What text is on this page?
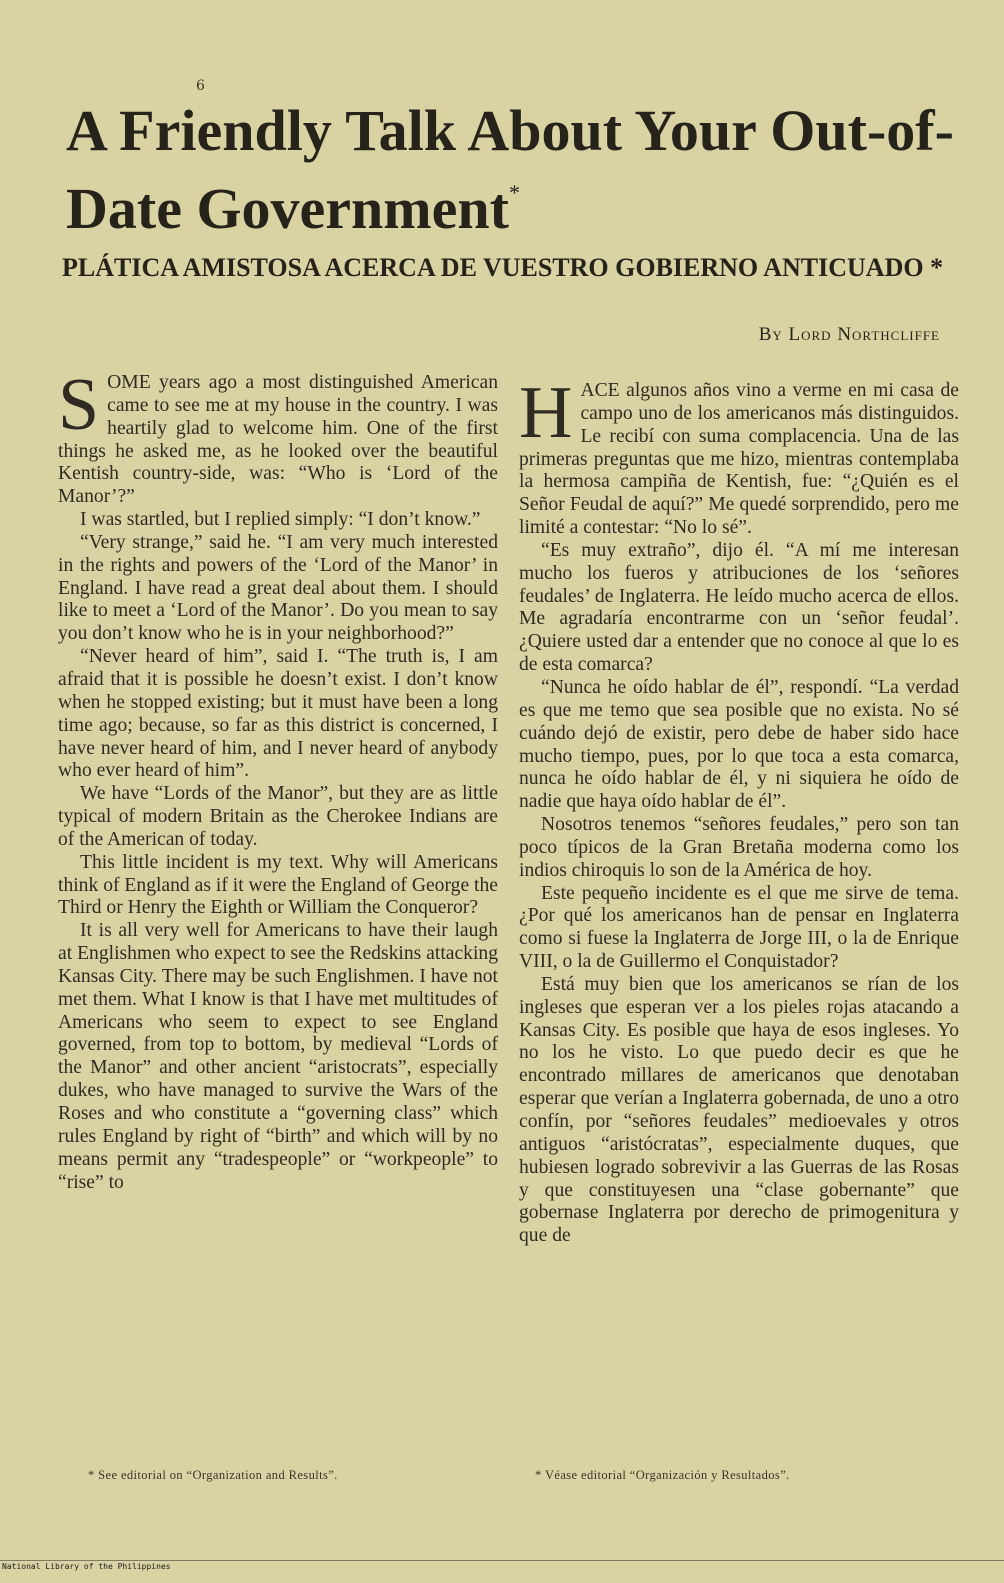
6
A Friendly Talk About Your Out-of-Date Government*
PLÁTICA AMISTOSA ACERCA DE VUESTRO GOBIERNO ANTICUADO *
By Lord Northcliffe

SOME years ago a most distinguished American came to see me at my house in the country. I was heartily glad to welcome him. One of the first things he asked me, as he looked over the beautiful Kentish country-side, was: “Who is ‘Lord of the Manor’?”

I was startled, but I replied simply: “I don’t know.”

“Very strange,” said he. “I am very much interested in the rights and powers of the ‘Lord of the Manor’ in England. I have read a great deal about them. I should like to meet a ‘Lord of the Manor’. Do you mean to say you don’t know who he is in your neighborhood?”

“Never heard of him”, said I. “The truth is, I am afraid that it is possible he doesn’t exist. I don’t know when he stopped existing; but it must have been a long time ago; because, so far as this district is concerned, I have never heard of him, and I never heard of anybody who ever heard of him”.

We have “Lords of the Manor”, but they are as little typical of modern Britain as the Cherokee Indians are of the American of today.

This little incident is my text. Why will Americans think of England as if it were the England of George the Third or Henry the Eighth or William the Conqueror?

It is all very well for Americans to have their laugh at Englishmen who expect to see the Redskins attacking Kansas City. There may be such Englishmen. I have not met them. What I know is that I have met multitudes of Americans who seem to expect to see England governed, from top to bottom, by medieval “Lords of the Manor” and other ancient “aristocrats”, especially dukes, who have managed to survive the Wars of the Roses and who constitute a “governing class” which rules England by right of “birth” and which will by no means permit any “tradespeople” or “workpeople” to “rise” to

HACE algunos años vino a verme en mi casa de campo uno de los americanos más distinguidos. Le recibí con suma complacencia. Una de las primeras preguntas que me hizo, mientras contemplaba la hermosa campiña de Kentish, fue: “¿Quién es el Señor Feudal de aquí?” Me quedé sorprendido, pero me limité a contestar: “No lo sé”.

“Es muy extraño”, dijo él. “A mí me interesan mucho los fueros y atribuciones de los ‘señores feudales’ de Inglaterra. He leído mucho acerca de ellos. Me agradaría encontrarme con un ‘señor feudal’. ¿Quiere usted dar a entender que no conoce al que lo es de esta comarca?

“Nunca he oído hablar de él”, respondí. “La verdad es que me temo que sea posible que no exista. No sé cuándo dejó de existir, pero debe de haber sido hace mucho tiempo, pues, por lo que toca a esta comarca, nunca he oído hablar de él, y ni siquiera he oído de nadie que haya oído hablar de él”.

Nosotros tenemos “señores feudales,” pero son tan poco típicos de la Gran Bretaña moderna como los indios chiroquis lo son de la América de hoy.

Este pequeño incidente es el que me sirve de tema. ¿Por qué los americanos han de pensar en Inglaterra como si fuese la Inglaterra de Jorge III, o la de Enrique VIII, o la de Guillermo el Conquistador?

Está muy bien que los americanos se rían de los ingleses que esperan ver a los pieles rojas atacando a Kansas City. Es posible que haya de esos ingleses. Yo no los he visto. Lo que puedo decir es que he encontrado millares de americanos que denotaban esperar que verían a Inglaterra gobernada, de uno a otro confín, por “señores feudales” medioevales y otros antiguos “aristócratas”, especialmente duques, que hubiesen logrado sobrevivir a las Guerras de las Rosas y que constituyesen una “clase gobernante” que gobernase Inglaterra por derecho de primogenitura y que de

* See editorial on “Organization and Results”.	* Véase editorial “Organización y Resultados”.
National Library of the Philippines
